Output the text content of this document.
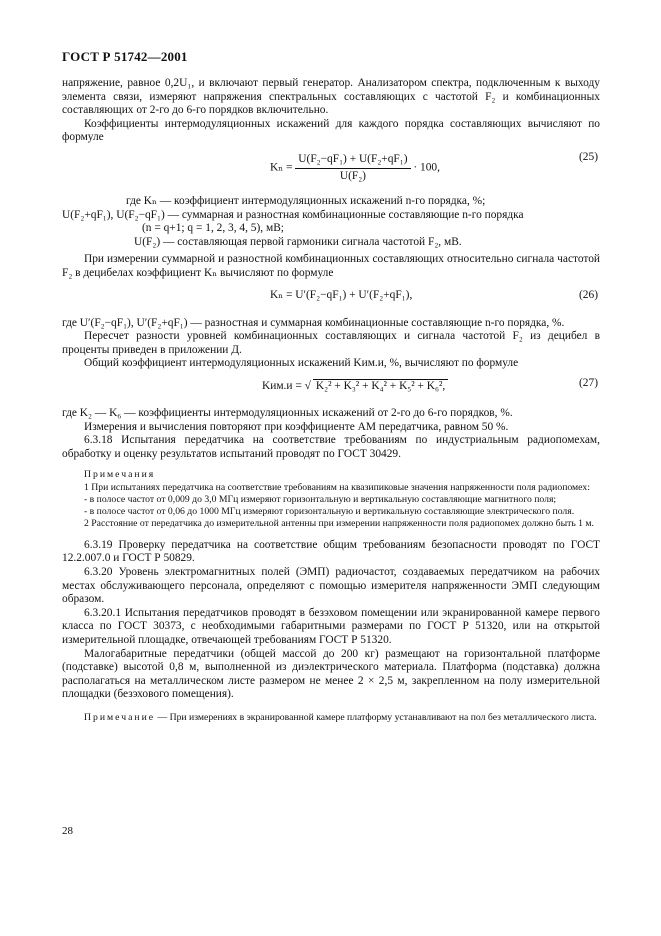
ГОСТ Р 51742—2001

напряжение, равное 0,2U₁, и включают первый генератор. Анализатором спектра, подключенным к выходу элемента связи, измеряют напряжения спектральных составляющих с частотой F₂ и комбинационных составляющих от 2-го до 6-го порядков включительно.

Коэффициенты интермодуляционных искажений для каждого порядка составляющих вычисляют по формуле

$K_n = \frac{\text{U(F₂−qF₁) + U(F₂+qF₁)}}{\text{U(F₂)}} \cdot 100$,
(25)

где Kₙ — коэффициент интермодуляционных искажений n-го порядка, %;

U(F₂+qF₁), U(F₂−qF₁) — суммарная и разностная комбинационные составляющие n-го порядка

(n = q+1; q = 1, 2, 3, 4, 5), мВ;

U(F₂) — составляющая первой гармоники сигнала частотой F₂, мВ.

При измерении суммарной и разностной комбинационных составляющих относительно сигнала частотой F₂ в децибелах коэффициент Kₙ вычисляют по формуле

Kₙ = U′(F₂−qF₁) + U′(F₂+qF₁),	(26)

где U′(F₂−qF₁), U′(F₂+qF₁) — разностная и суммарная комбинационные составляющие n-го порядка, %.

Пересчет разности уровней комбинационных составляющих и сигнала частотой F₂ из децибел в проценты приведен в приложении Д.

Общий коэффициент интермодуляционных искажений Kим.и, %, вычисляют по формуле

Kим.и = √ K₂² + K₃² + K₄² + K₅² + K₆²,	(27)

где K₂ — K₆ — коэффициенты интермодуляционных искажений от 2-го до 6-го порядков, %.

Измерения и вычисления повторяют при коэффициенте АМ передатчика, равном 50 %.

6.3.18 Испытания передатчика на соответствие требованиям по индустриальным радиопомехам, обработку и оценку результатов испытаний проводят по ГОСТ 30429.

Примечания

1 При испытаниях передатчика на соответствие требованиям на квазипиковые значения напряженности поля радиопомех:

- в полосе частот от 0,009 до 3,0 МГц измеряют горизонтальную и вертикальную составляющие магнитного поля;

- в полосе частот от 0,06 до 1000 МГц измеряют горизонтальную и вертикальную составляющие электрического поля.

2 Расстояние от передатчика до измерительной антенны при измерении напряженности поля радиопомех должно быть 1 м.

6.3.19 Проверку передатчика на соответствие общим требованиям безопасности проводят по ГОСТ 12.2.007.0 и ГОСТ Р 50829.

6.3.20 Уровень электромагнитных полей (ЭМП) радиочастот, создаваемых передатчиком на рабочих местах обслуживающего персонала, определяют с помощью измерителя напряженности ЭМП следующим образом.

6.3.20.1 Испытания передатчиков проводят в безэховом помещении или экранированной камере первого класса по ГОСТ 30373, с необходимыми габаритными размерами по ГОСТ Р 51320, или на открытой измерительной площадке, отвечающей требованиям ГОСТ Р 51320.

Малогабаритные передатчики (общей массой до 200 кг) размещают на горизонтальной платформе (подставке) высотой 0,8 м, выполненной из диэлектрического материала. Платформа (подставка) должна располагаться на металлическом листе размером не менее 2 × 2,5 м, закрепленном на полу измерительной площадки (безэхового помещения).

Примечание — При измерениях в экранированной камере платформу устанавливают на пол без металлического листа.

28
